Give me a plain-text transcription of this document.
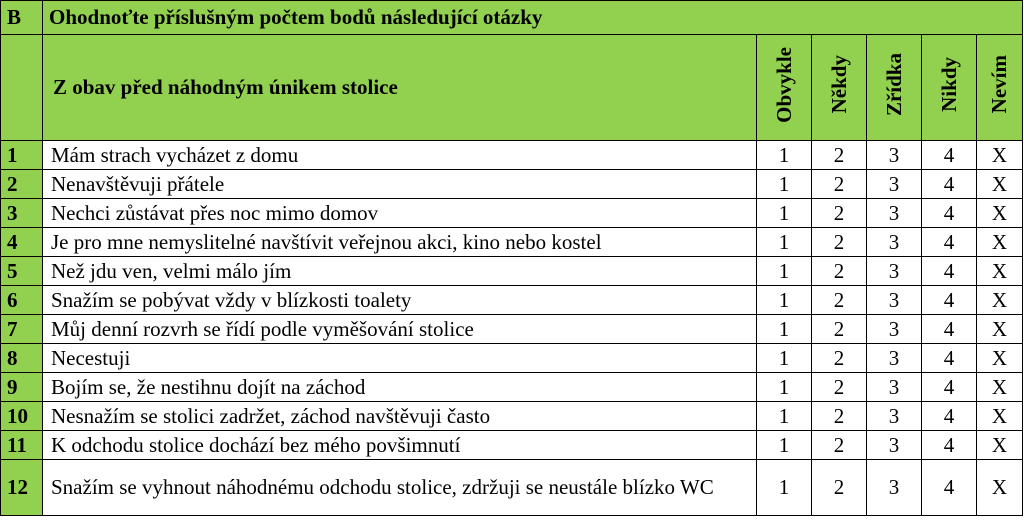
B	Ohodnoťte příslušným počtem bodů následující otázky					
	Z obav před náhodným únikem stolice	Obvykle	Někdy	Zřídka	Nikdy	Nevím
1	Mám strach vycházet z domu	1	2	3	4	X
2	Nenavštěvuji přátele	1	2	3	4	X
3	Nechci zůstávat přes noc mimo domov	1	2	3	4	X
4	Je pro mne nemyslitelné navštívit veřejnou akci, kino nebo kostel	1	2	3	4	X
5	Než jdu ven, velmi málo jím	1	2	3	4	X
6	Snažím se pobývat vždy v blízkosti toalety	1	2	3	4	X
7	Můj denní rozvrh se řídí podle vyměšování stolice	1	2	3	4	X
8	Necestuji	1	2	3	4	X
9	Bojím se, že nestihnu dojít na záchod	1	2	3	4	X
10	Nesnažím se stolici zadržet, záchod navštěvuji často	1	2	3	4	X
11	K odchodu stolice dochází bez mého povšimnutí	1	2	3	4	X
12	Snažím se vyhnout náhodnému odchodu stolice, zdržuji se neustále blízko WC	1	2	3	4	X
